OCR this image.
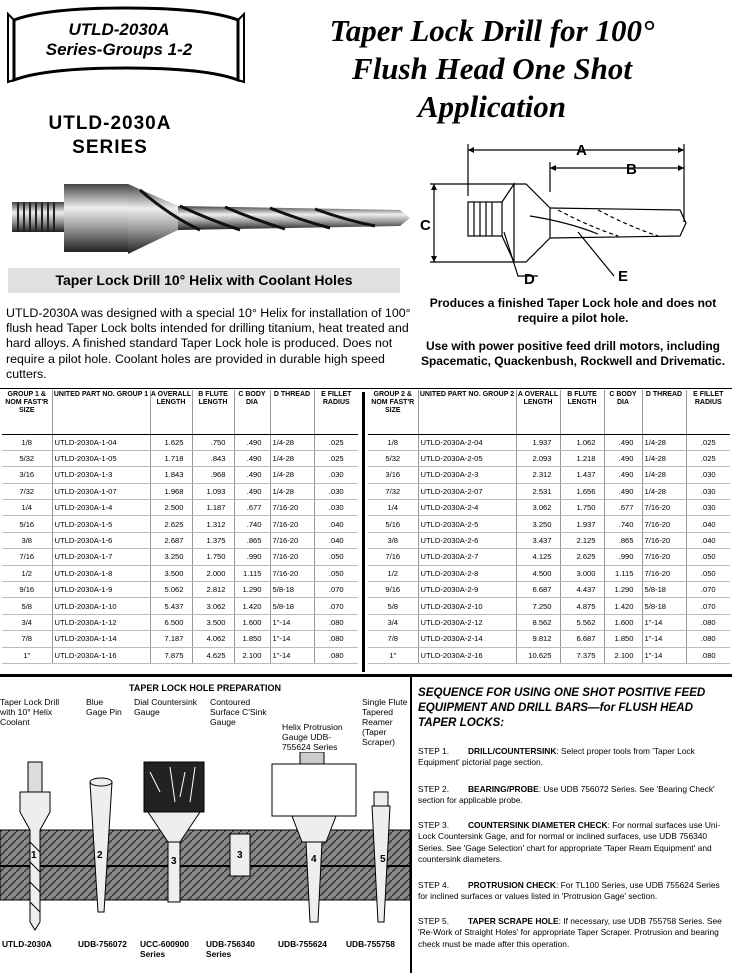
UTLD-2030A
Series-Groups 1-2
Taper Lock Drill for 100°
Flush Head One Shot
Application
UTLD-2030A
SERIES	A
B
C
D	E
Taper Lock Drill 10° Helix with Coolant Holes
UTLD-2030A was designed with a special 10° Helix for installation of 100° flush head Taper Lock bolts intended for drilling titanium, heat treated and hard alloys. A finished standard Taper Lock hole is produced. Does not require a pilot hole. Coolant holes are provided in durable high speed cutters.
Produces a finished Taper Lock hole and does not require a pilot hole.
Use with power positive feed drill motors, including Spacematic, Quackenbush, Rockwell and Drivematic.
GROUP 1 & NOM FAST'R SIZE	UNITED PART NO. GROUP 1	A OVERALL LENGTH	B FLUTE LENGTH	C BODY DIA	D THREAD	E FILLET RADIUS
1/8	UTLD-2030A-1-04	1.625	.750	.490	1/4-28	.025
5/32	UTLD-2030A-1-05	1.718	.843	.490	1/4-28	.025
3/16	UTLD-2030A-1-3	1.843	.968	.490	1/4-28	.030
7/32	UTLD-2030A-1-07	1.968	1.093	.490	1/4-28	.030
1/4	UTLD-2030A-1-4	2.500	1.187	.677	7/16-20	.030
5/16	UTLD-2030A-1-5	2.625	1.312	.740	7/16-20	.040
3/8	UTLD-2030A-1-6	2.687	1.375	.865	7/16-20	.040
7/16	UTLD-2030A-1-7	3.250	1.750	.990	7/16-20	.050
1/2	UTLD-2030A-1-8	3.500	2.000	1.115	7/16-20	.050
9/16	UTLD-2030A-1-9	5.062	2.812	1.290	5/8-18	.070
5/8	UTLD-2030A-1-10	5.437	3.062	1.420	5/8-18	.070
3/4	UTLD-2030A-1-12	6.500	3.500	1.600	1"-14	.080
7/8	UTLD-2030A-1-14	7.187	4.062	1.850	1"-14	.080
1"	UTLD-2030A-1-16	7.875	4.625	2.100	1"-14	.080
GROUP 2 & NOM FAST'R SIZE	UNITED PART NO. GROUP 2	A OVERALL LENGTH	B FLUTE LENGTH	C BODY DIA	D THREAD	E FILLET RADIUS
1/8	UTLD-2030A-2-04	1.937	1.062	.490	1/4-28	.025
5/32	UTLD-2030A-2-05	2.093	1.218	.490	1/4-28	.025
3/16	UTLD-2030A-2-3	2.312	1.437	.490	1/4-28	.030
7/32	UTLD-2030A-2-07	2.531	1.656	.490	1/4-28	.030
1/4	UTLD-2030A-2-4	3.062	1.750	.677	7/16-20	.030
5/16	UTLD-2030A-2-5	3.250	1.937	.740	7/16-20	.040
3/8	UTLD-2030A-2-6	3.437	2.125	.865	7/16-20	.040
7/16	UTLD-2030A-2-7	4.125	2.625	.990	7/16-20	.050
1/2	UTLD-2030A-2-8	4.500	3.000	1.115	7/16-20	.050
9/16	UTLD-2030A-2-9	6.687	4.437	1.290	5/8-18	.070
5/8	UTLD-2030A-2-10	7.250	4.875	1.420	5/8-18	.070
3/4	UTLD-2030A-2-12	8.562	5.562	1.600	1"-14	.080
7/8	UTLD-2030A-2-14	9.812	6.687	1.850	1"-14	.080
1"	UTLD-2030A-2-16	10.625	7.375	2.100	1"-14	.080
TAPER LOCK HOLE PREPARATION
Taper Lock Drill with 10° Helix Coolant
Blue Gage Pin
Dial Countersink Gauge
Contoured Surface C'Sink Gauge	Helix Protrusion Gauge UDB-755624 Series
Single Flute Tapered Reamer (Taper Scraper)
1	2
3
3	4	5
UTLD-2030A	UDB-756072	UCC-600900 Series
UDB-756340 Series
UDB-755624	UDB-755758
SEQUENCE FOR USING ONE SHOT POSITIVE FEED EQUIPMENT AND DRILL BARS—for FLUSH HEAD TAPER LOCKS:
STEP 1. DRILL/COUNTERSINK: Select proper tools from 'Taper Lock Equipment' pictorial page section.
STEP 2. BEARING/PROBE: Use UDB 756072 Series. See 'Bearing Check' section for applicable probe.
STEP 3. COUNTERSINK DIAMETER CHECK: For normal surfaces use Uni-Lock Countersink Gage, and for normal or inclined surfaces, use UDB 756340 Series. See 'Gage Selection' chart for appropriate 'Taper Ream Equipment' and countersink diameters.
STEP 4. PROTRUSION CHECK: For TL100 Series, use UDB 755624 Series for inclined surfaces or values listed in 'Protrusion Gage' section.
STEP 5. TAPER SCRAPE HOLE: If necessary, use UDB 755758 Series. See 'Re-Work of Straight Holes' for appropriate Taper Scraper. Protrusion and bearing check must be made after this operation.
